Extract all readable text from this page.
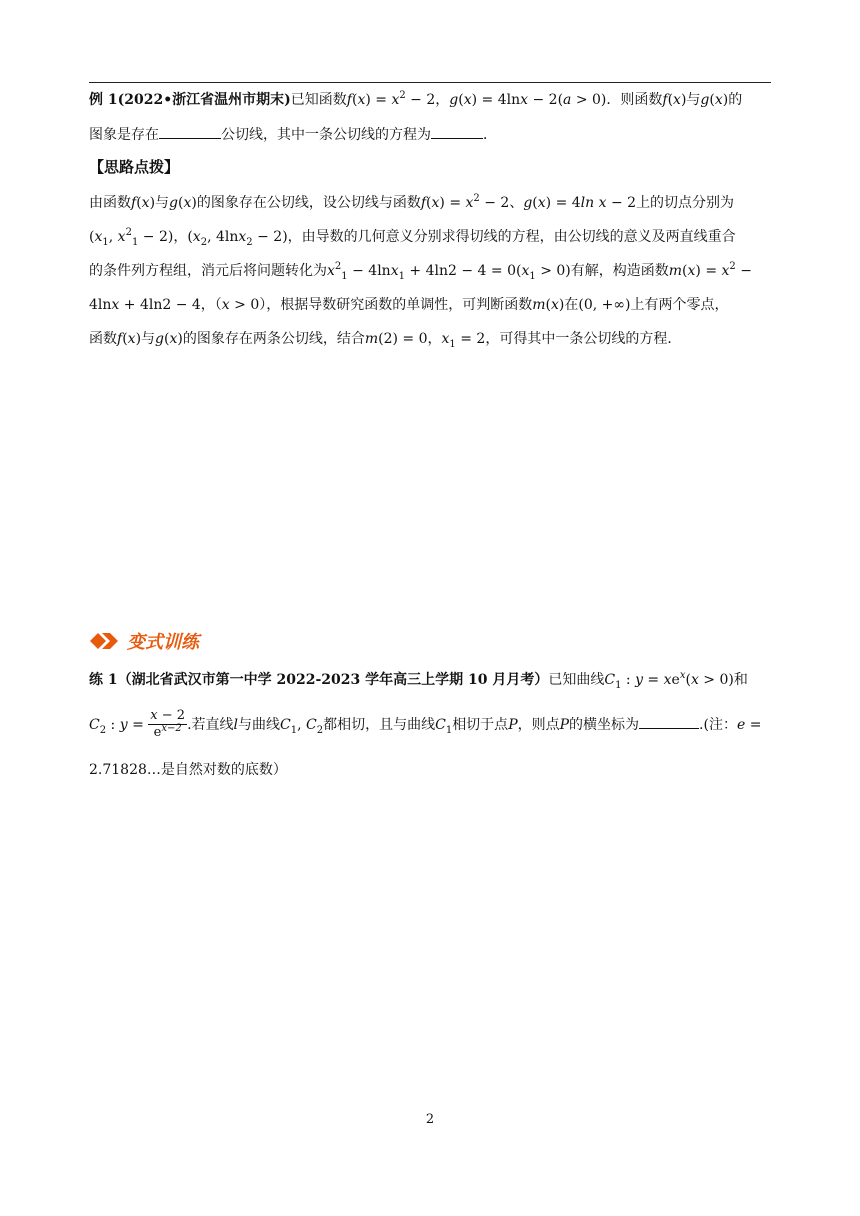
例 1(2022•浙江省温州市期末)已知函数$f(x) = x^2 - 2$，g(x) = 4lnx − 2(a > 0)．则函数f(x)与g(x)的
图象是存在	公切线，其中一条公切线的方程为	．
【思路点拨】
由函数f(x)与g(x)的图象存在公切线，设公切线与函数$f(x) = x^2 - 2$、g(x) = 4ln x − 2上的切点分别为
($x_1$, $x^2_1 - 2$)，($x_2$, 4lnx$_2$ − 2)，由导数的几何意义分别求得切线的方程，由公切线的意义及两直线重合
的条件列方程组，消元后将问题转化为$x^2_1 - 4\ln x_1 + 4\ln 2 - 4 = 0(x_1 > 0)$有解，构造函数$m(x) = x^2$ −
4lnx + 4ln2 − 4，（x > 0），根据导数研究函数的单调性，可判断函数m(x)在(0, +∞)上有两个零点，
函数f(x)与g(x)的图象存在两条公切线，结合m(2) = 0，$x_1 = 2$，可得其中一条公切线的方程．
变式训练
练 1（湖北省武汉市第一中学 2022-2023 学年高三上学期 10 月月考）已知曲线$C_1$ : $y = xe^x(x > 0)$和
$C_2$ : $y = \frac{x - 2}{e^{x-2}}$ .若直线l与曲线$C_1$, $C_2$都相切，且与曲线$C_1$相切于点P，则点P的横坐标为	.(注：e =
2.71828…是自然对数的底数）
2
